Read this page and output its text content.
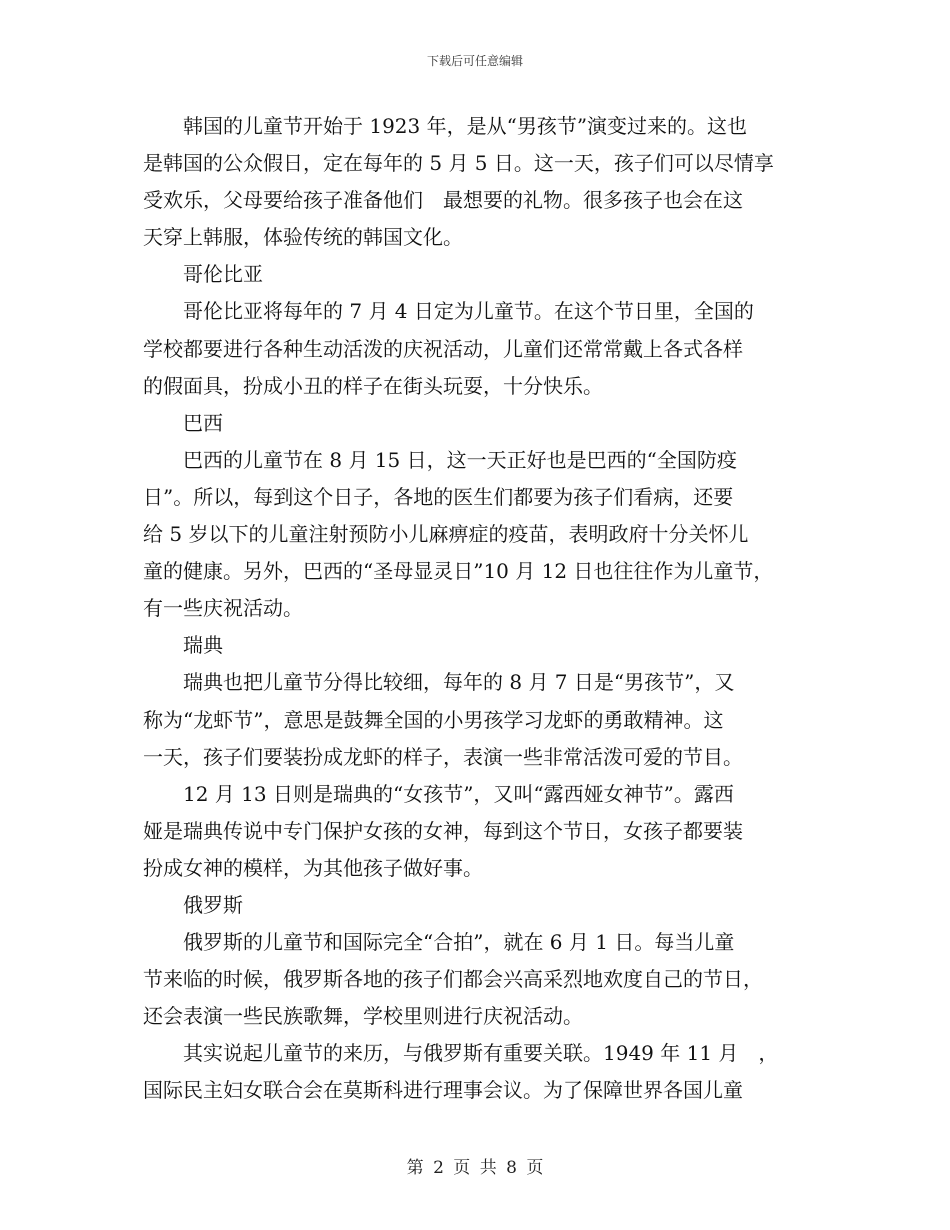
下载后可任意编辑
　　韩国的儿童节开始于 1923 年，是从“男孩节”演变过来的。这也
是韩国的公众假日，定在每年的 5 月 5 日。这一天，孩子们可以尽情享
受欢乐，父母要给孩子准备他们　最想要的礼物。很多孩子也会在这
天穿上韩服，体验传统的韩国文化。
　　哥伦比亚
　　哥伦比亚将每年的 7 月 4 日定为儿童节。在这个节日里，全国的
学校都要进行各种生动活泼的庆祝活动，儿童们还常常戴上各式各样
的假面具，扮成小丑的样子在街头玩耍，十分快乐。
　　巴西
　　巴西的儿童节在 8 月 15 日，这一天正好也是巴西的“全国防疫
日”。所以，每到这个日子，各地的医生们都要为孩子们看病，还要
给 5 岁以下的儿童注射预防小儿麻痹症的疫苗，表明政府十分关怀儿
童的健康。另外，巴西的“圣母显灵日”10 月 12 日也往往作为儿童节，
有一些庆祝活动。
　　瑞典
　　瑞典也把儿童节分得比较细，每年的 8 月 7 日是“男孩节”，又
称为“龙虾节”，意思是鼓舞全国的小男孩学习龙虾的勇敢精神。这
一天，孩子们要装扮成龙虾的样子，表演一些非常活泼可爱的节目。
　　12 月 13 日则是瑞典的“女孩节”，又叫“露西娅女神节”。露西
娅是瑞典传说中专门保护女孩的女神，每到这个节日，女孩子都要装
扮成女神的模样，为其他孩子做好事。
　　俄罗斯
　　俄罗斯的儿童节和国际完全“合拍”，就在 6 月 1 日。每当儿童
节来临的时候，俄罗斯各地的孩子们都会兴高采烈地欢度自己的节日，
还会表演一些民族歌舞，学校里则进行庆祝活动。
　　其实说起儿童节的来历，与俄罗斯有重要关联。1949 年 11 月　，
国际民主妇女联合会在莫斯科进行理事会议。为了保障世界各国儿童
第 2 页 共 8 页
